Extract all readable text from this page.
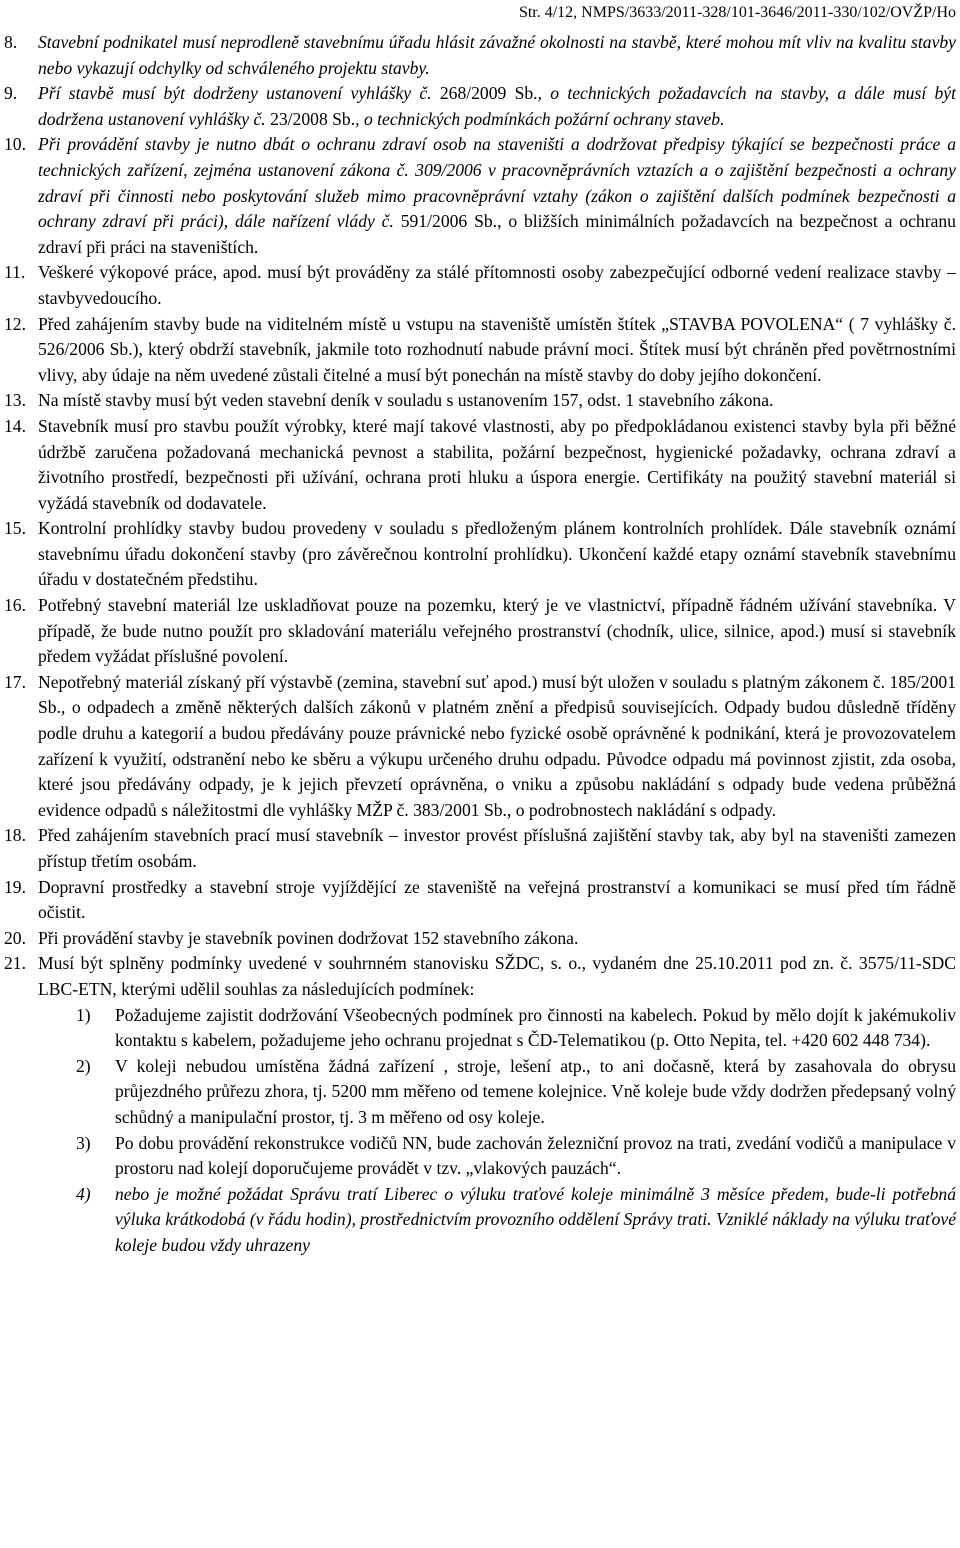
Str. 4/12, NMPS/3633/2011-328/101-3646/2011-330/102/OVŽP/Ho
8. Stavební podnikatel musí neprodleně stavebnímu úřadu hlásit závažné okolnosti na stavbě, které mohou mít vliv na kvalitu stavby nebo vykazují odchylky od schváleného projektu stavby.
9. Pří stavbě musí být dodrženy ustanovení vyhlášky č. 268/2009 Sb., o technických požadavcích na stavby, a dále musí být dodržena ustanovení vyhlášky č. 23/2008 Sb., o technických podmínkách požární ochrany staveb.
10. Při provádění stavby je nutno dbát o ochranu zdraví osob na staveništi a dodržovat předpisy týkající se bezpečnosti práce a technických zařízení, zejména ustanovení zákona č. 309/2006 v pracovněprávních vztazích a o zajištění bezpečnosti a ochrany zdraví při činnosti nebo poskytování služeb mimo pracovněprávní vztahy (zákon o zajištění dalších podmínek bezpečnosti a ochrany zdraví při práci), dále nařízení vlády č. 591/2006 Sb., o bližších minimálních požadavcích na bezpečnost a ochranu zdraví při práci na staveništích.
11. Veškeré výkopové práce, apod. musí být prováděny za stálé přítomnosti osoby zabezpečující odborné vedení realizace stavby – stavbyvedoucího.
12. Před zahájením stavby bude na viditelném místě u vstupu na staveniště umístěn štítek „STAVBA POVOLENA“ ( 7 vyhlášky č. 526/2006 Sb.), který obdrží stavebník, jakmile toto rozhodnutí nabude právní moci. Štítek musí být chráněn před povětrnostními vlivy, aby údaje na něm uvedené zůstali čitelné a musí být ponechán na místě stavby do doby jejího dokončení.
13. Na místě stavby musí být veden stavební deník v souladu s ustanovením 157, odst. 1 stavebního zákona.
14. Stavebník musí pro stavbu použít výrobky, které mají takové vlastnosti, aby po předpokládanou existenci stavby byla při běžné údržbě zaručena požadovaná mechanická pevnost a stabilita, požární bezpečnost, hygienické požadavky, ochrana zdraví a životního prostředí, bezpečnosti při užívání, ochrana proti hluku a úspora energie. Certifikáty na použitý stavební materiál si vyžádá stavebník od dodavatele.
15. Kontrolní prohlídky stavby budou provedeny v souladu s předloženým plánem kontrolních prohlídek. Dále stavebník oznámí stavebnímu úřadu dokončení stavby (pro závěrečnou kontrolní prohlídku). Ukončení každé etapy oznámí stavebník stavebnímu úřadu v dostatečném předstihu.
16. Potřebný stavební materiál lze uskladňovat pouze na pozemku, který je ve vlastnictví, případně řádném užívání stavebníka. V případě, že bude nutno použít pro skladování materiálu veřejného prostranství (chodník, ulice, silnice, apod.) musí si stavebník předem vyžádat příslušné povolení.
17. Nepotřebný materiál získaný pří výstavbě (zemina, stavební suť apod.) musí být uložen v souladu s platným zákonem č. 185/2001 Sb., o odpadech a změně některých dalších zákonů v platném znění a předpisů souvisejících. Odpady budou důsledně tříděny podle druhu a kategorií a budou předávány pouze právnické nebo fyzické osobě oprávněné k podnikání, která je provozovatelem zařízení k využití, odstranění nebo ke sběru a výkupu určeného druhu odpadu. Původce odpadu má povinnost zjistit, zda osoba, které jsou předávány odpady, je k jejich převzetí oprávněna, o vniku a způsobu nakládání s odpady bude vedena průběžná evidence odpadů s náležitostmi dle vyhlášky MŽP č. 383/2001 Sb., o podrobnostech nakládání s odpady.
18. Před zahájením stavebních prací musí stavebník – investor provést příslušná zajištění stavby tak, aby byl na staveništi zamezen přístup třetím osobám.
19. Dopravní prostředky a stavební stroje vyjíždějící ze staveniště na veřejná prostranství a komunikaci se musí před tím řádně očistit.
20. Při provádění stavby je stavebník povinen dodržovat 152 stavebního zákona.
21. Musí být splněny podmínky uvedené v souhrnném stanovisku SŽDC, s. o., vydaném dne 25.10.2011 pod zn. č. 3575/11-SDC LBC-ETN, kterými udělil souhlas za následujících podmínek:
1) Požadujeme zajistit dodržování Všeobecných podmínek pro činnosti na kabelech. Pokud by mělo dojít k jakémukoliv kontaktu s kabelem, požadujeme jeho ochranu projednat s ČD-Telematikou (p. Otto Nepita, tel. +420 602 448 734).
2) V koleji nebudou umístěna žádná zařízení , stroje, lešení atp., to ani dočasně, která by zasahovala do obrysu průjezdného průřezu zhora, tj. 5200 mm měřeno od temene kolejnice. Vně koleje bude vždy dodržen předepsaný volný schůdný a manipulační prostor, tj. 3 m měřeno od osy koleje.
3) Po dobu provádění rekonstrukce vodičů NN, bude zachován železniční provoz na trati, zvedání vodičů a manipulace v prostoru nad kolejí doporučujeme provádět v tzv. „vlakových pauzách“.
4) nebo je možné požádat Správu tratí Liberec o výluku traťové koleje minimálně 3 měsíce předem, bude-li potřebná výluka krátkodobá (v řádu hodin), prostřednictvím provozního oddělení Správy trati. Vzniklé náklady na výluku traťové koleje budou vždy uhrazeny
